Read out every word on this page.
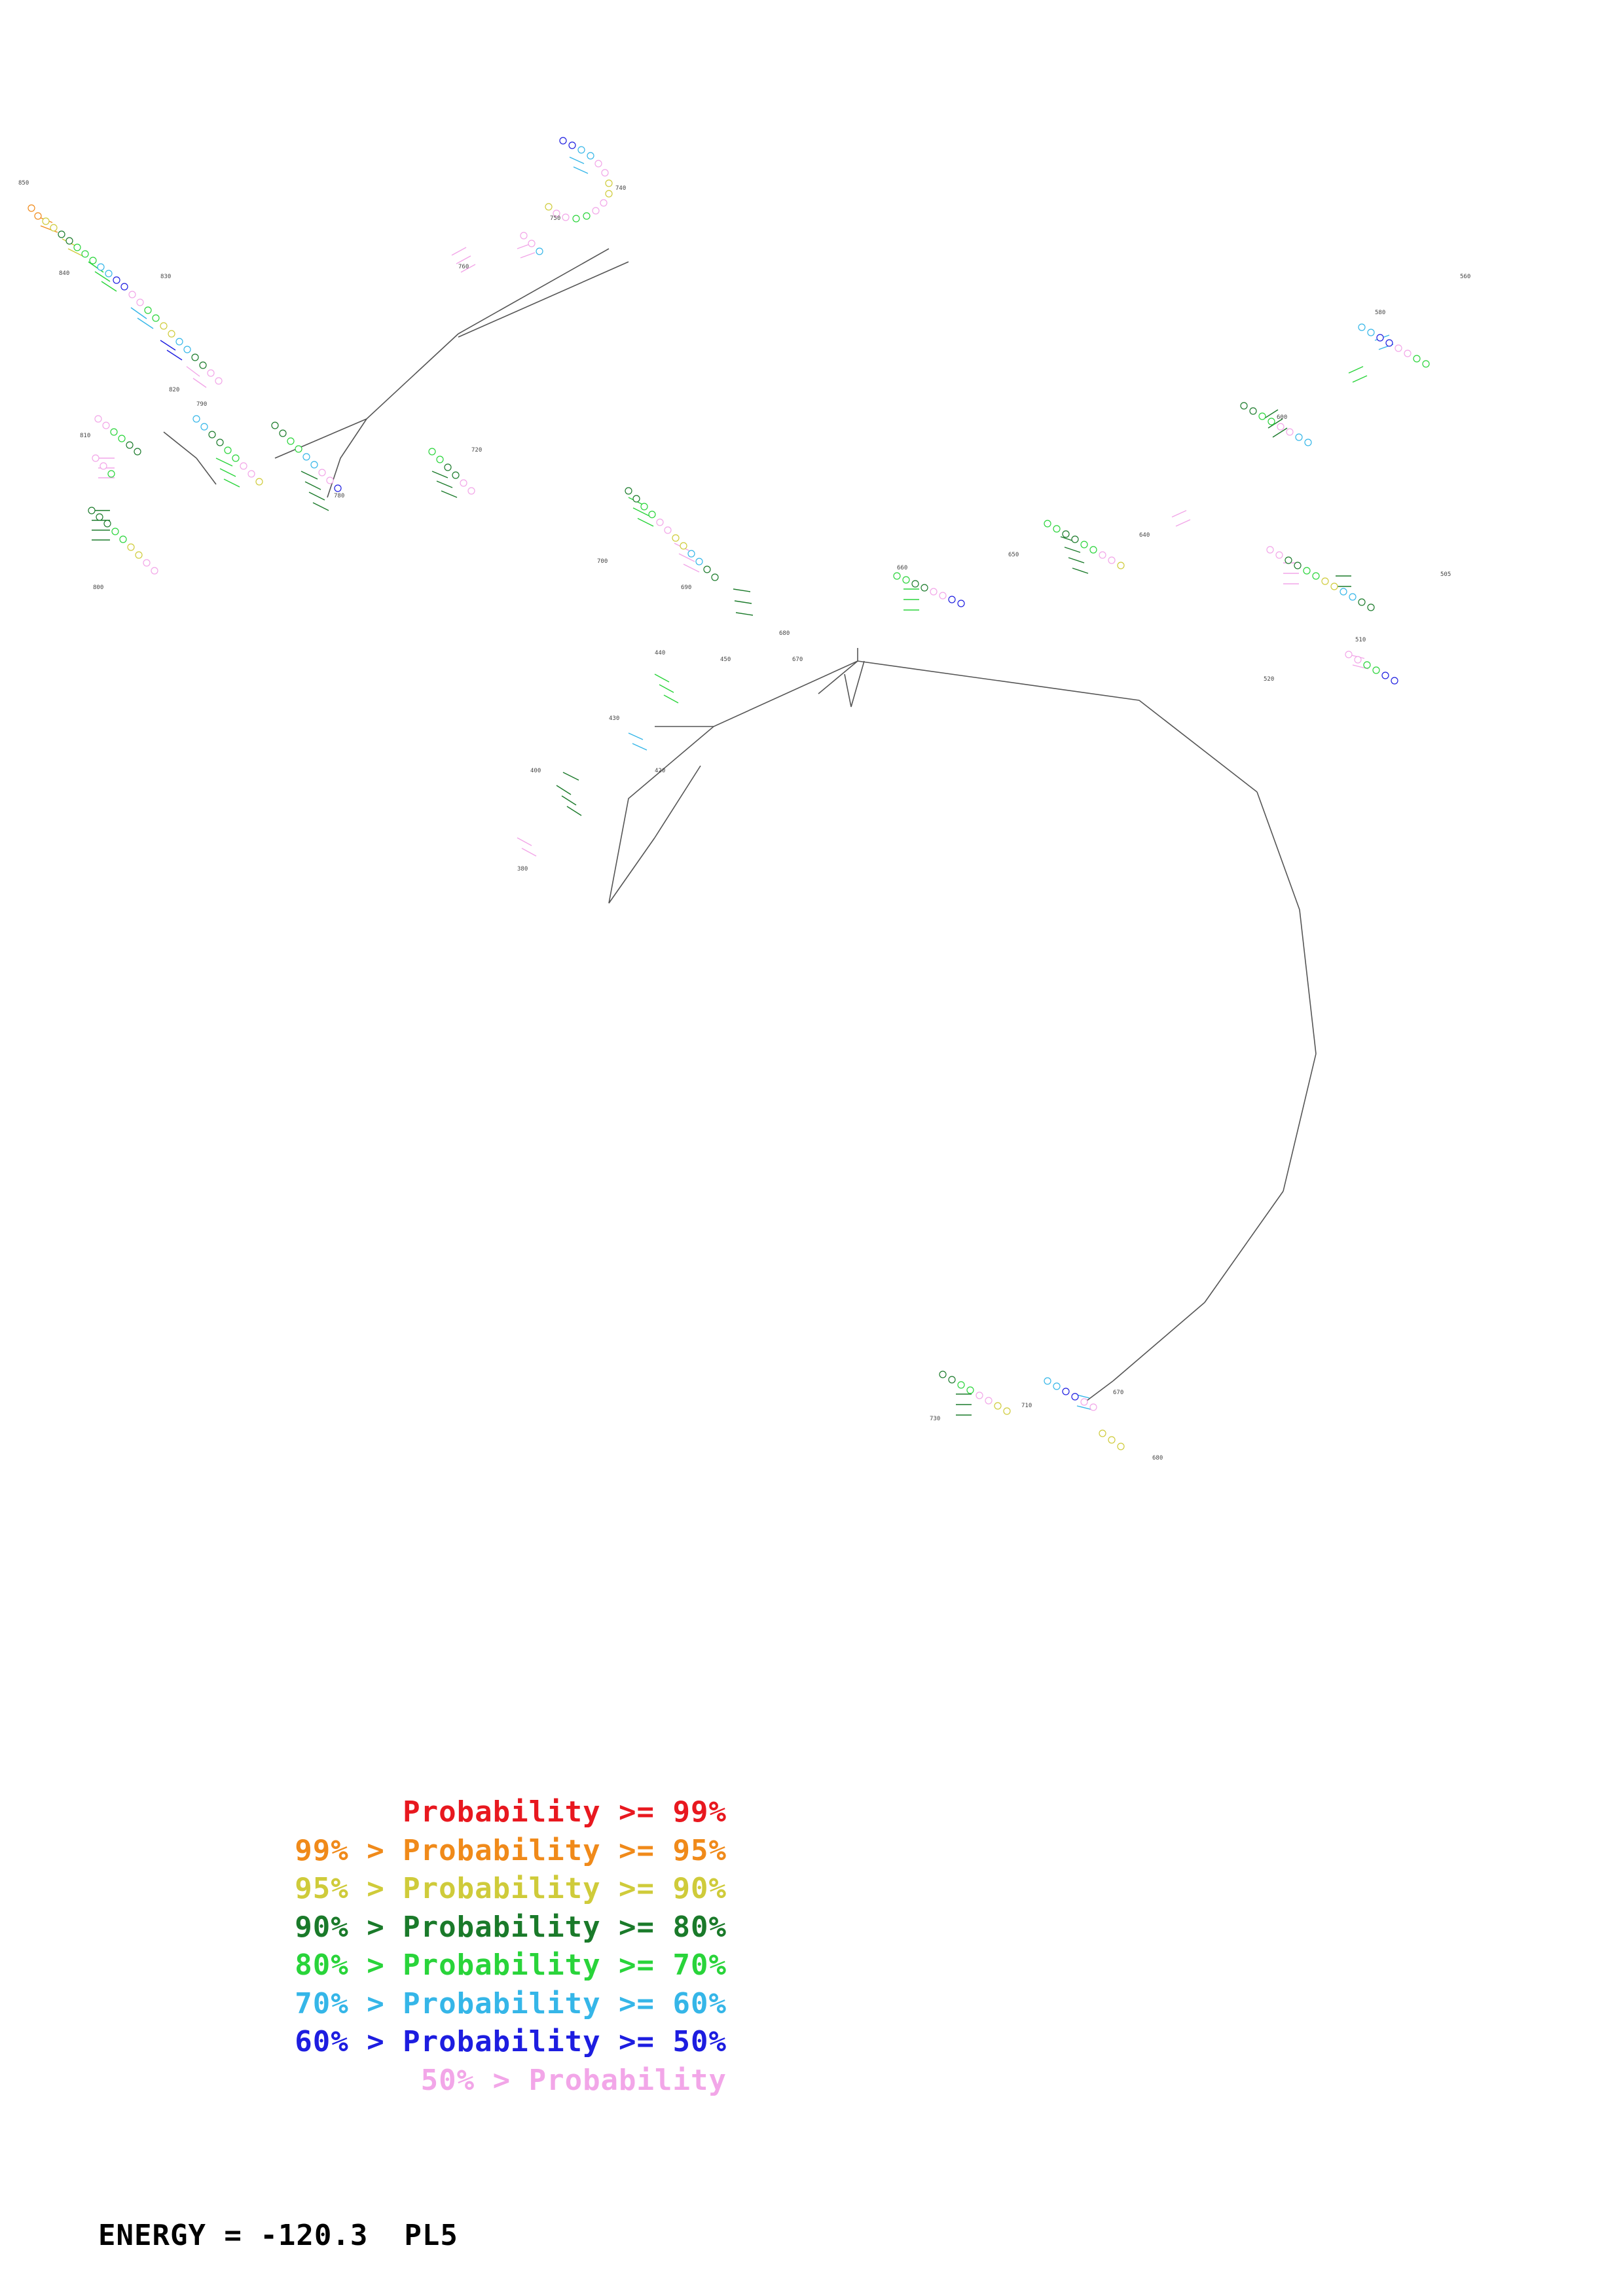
850
840	830
820
810
800
790
780
760
740
750
720
700
690
680
670
660
650
640
600
580
560
520
510
505
440
450
430
420
400
380
730
710
670
680
Probability >= 99%
99% > Probability >= 95%
95% > Probability >= 90%
90% > Probability >= 80%
80% > Probability >= 70%
70% > Probability >= 60%
60% > Probability >= 50%
50% > Probability
ENERGY = -120.3  PL5
